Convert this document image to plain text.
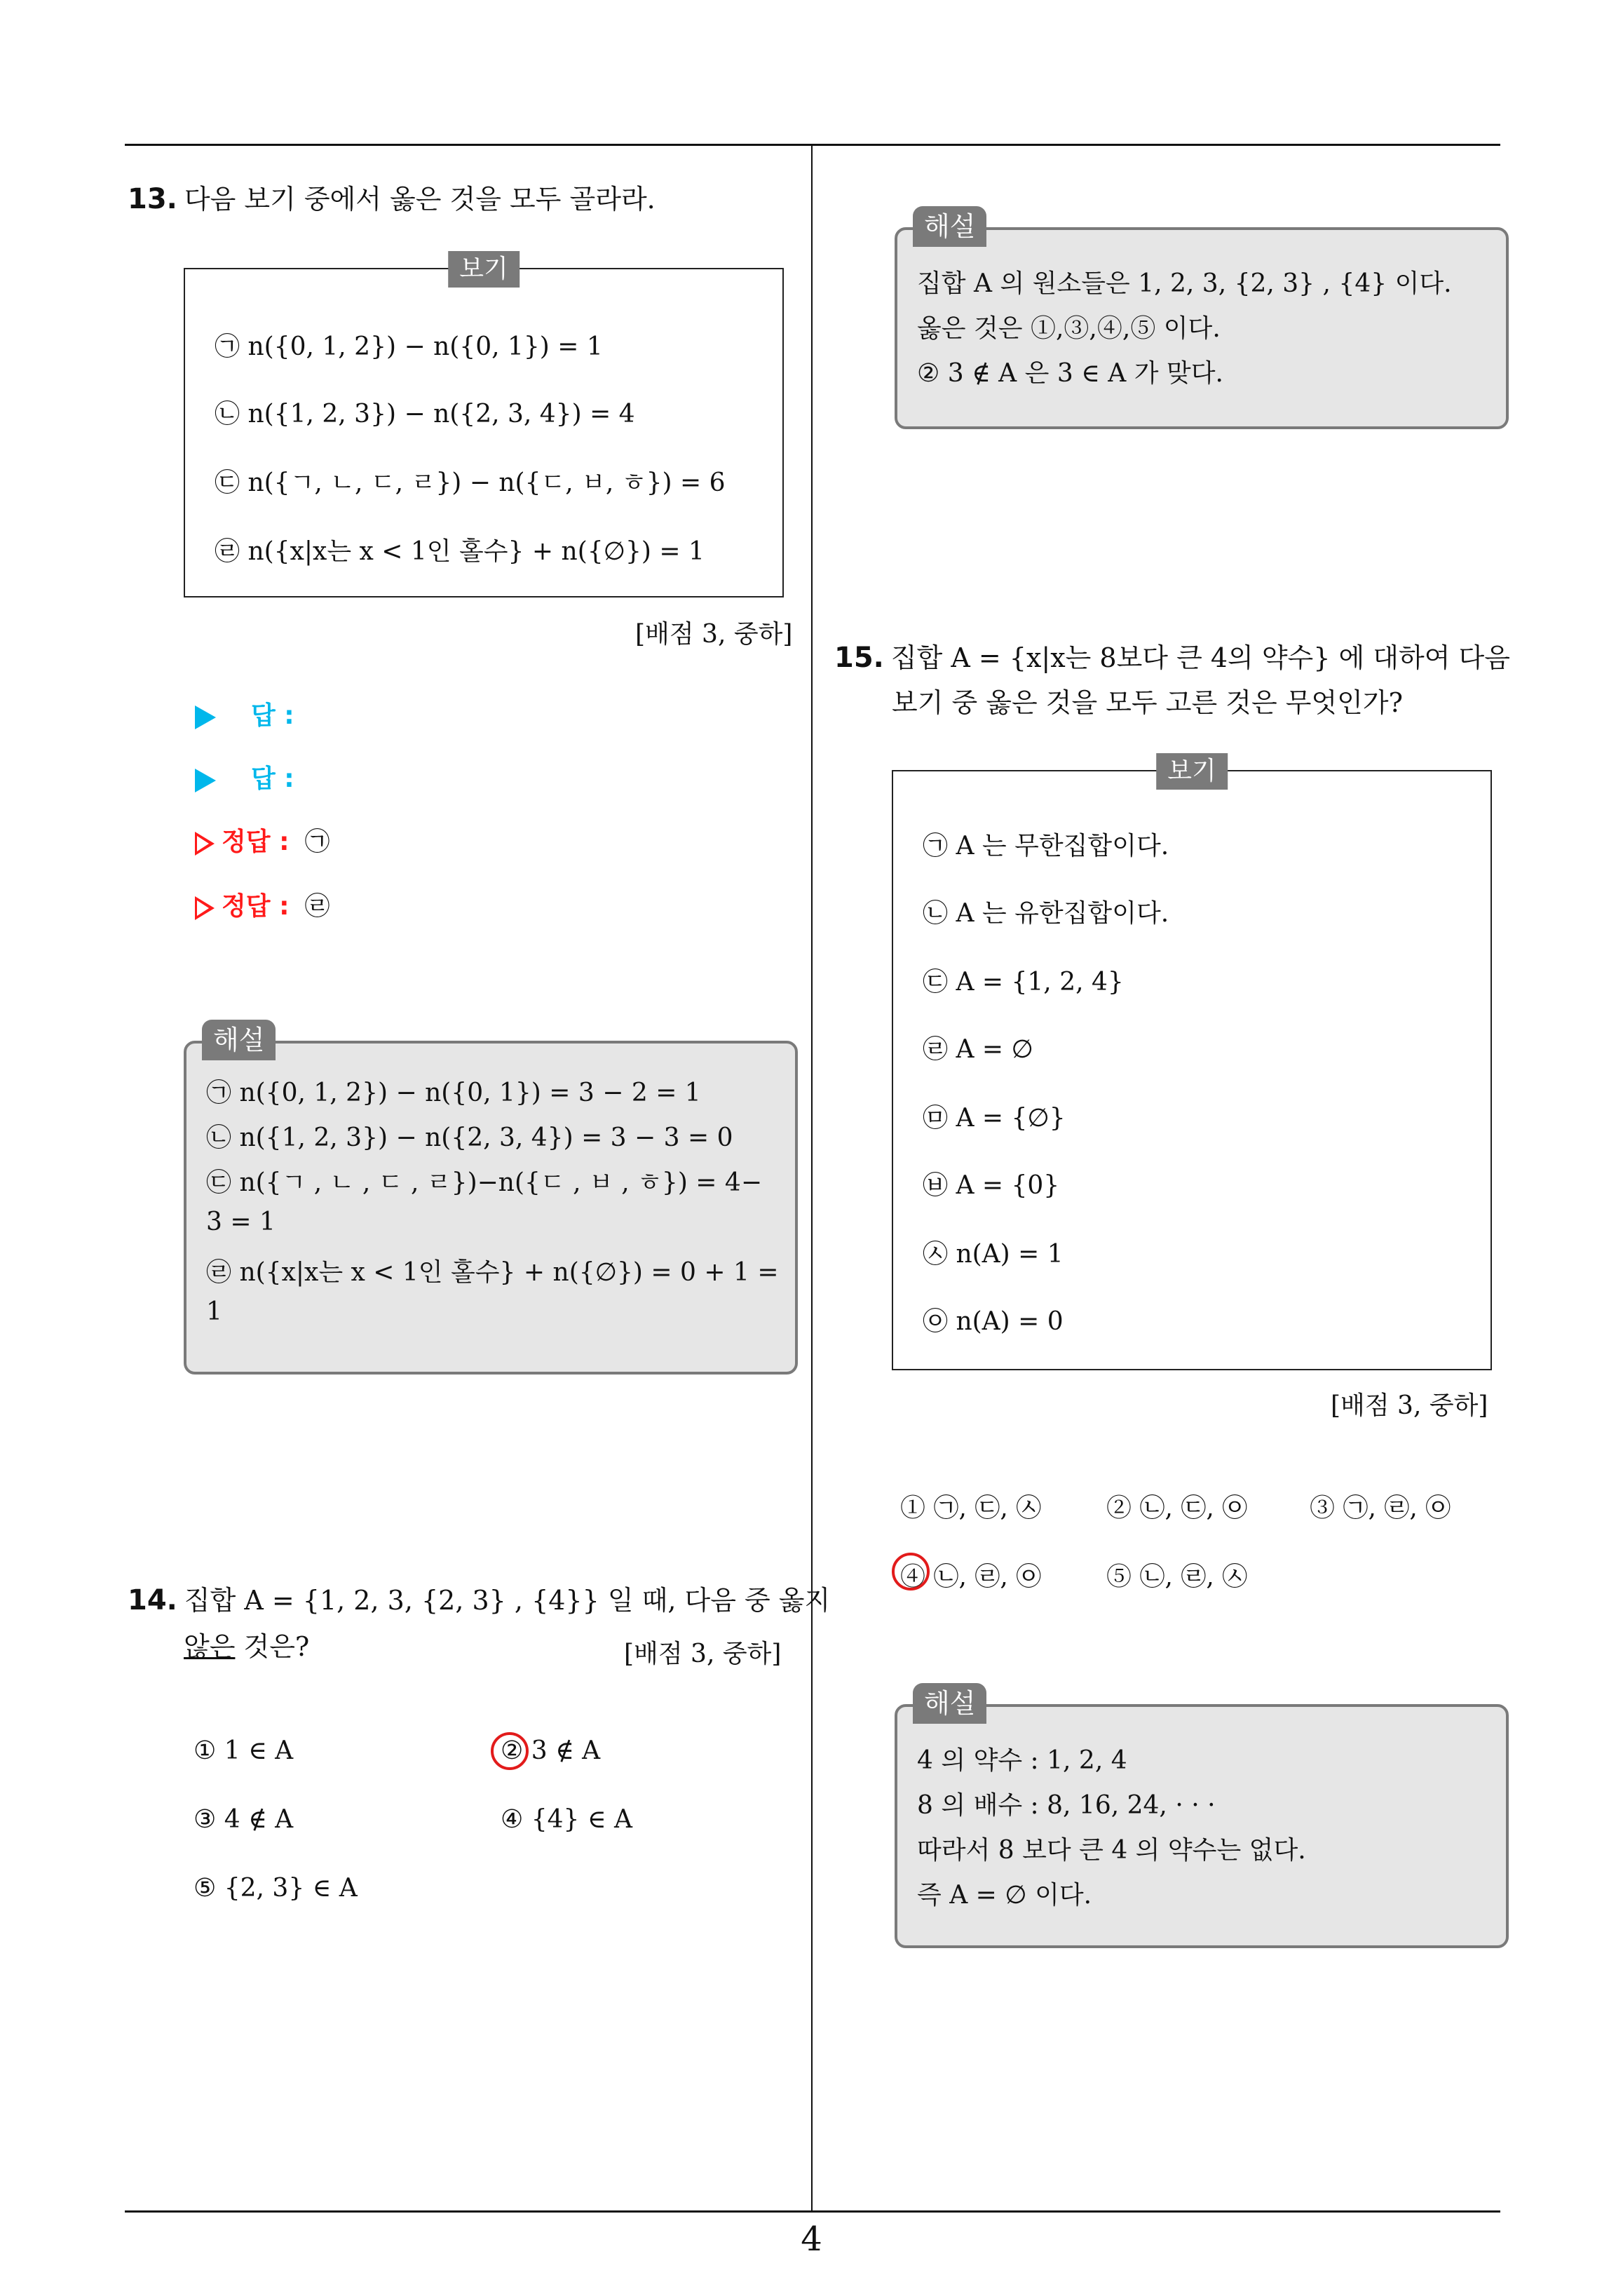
13. 다음 보기 중에서 옳은 것을 모두 골라라.
보기
㉠ n({0, 1, 2}) − n({0, 1}) = 1
㉡ n({1, 2, 3}) − n({2, 3, 4}) = 4
㉢ n({ㄱ, ㄴ, ㄷ, ㄹ}) − n({ㄷ, ㅂ, ㅎ}) = 6
㉣ n({x|x는 x < 1인 홀수} + n({∅}) = 1
[배점 3, 중하]
답 :
답 :
정답 : ㉠
정답 : ㉣
해설
㉠ n({0, 1, 2}) − n({0, 1}) = 3 − 2 = 1
㉡ n({1, 2, 3}) − n({2, 3, 4}) = 3 − 3 = 0
㉢ n({ㄱ , ㄴ , ㄷ , ㄹ})−n({ㄷ , ㅂ , ㅎ}) = 4−
3 = 1
㉣ n({x|x는 x < 1인 홀수} + n({∅}) = 0 + 1 =
1
14. 집합 A = {1, 2, 3, {2, 3} , {4}} 일 때, 다음 중 옳지
않은 것은?	[배점 3, 중하]
① 1 ∈ A	② 3 ∉ A
③ 4 ∉ A	④ {4} ∈ A
⑤ {2, 3} ∈ A
해설
집합 A 의 원소들은 1, 2, 3, {2, 3} , {4} 이다.
옳은 것은 ①,③,④,⑤ 이다.
② 3 ∉ A 은 3 ∈ A 가 맞다.
15. 집합 A = {x|x는 8보다 큰 4의 약수} 에 대하여 다음
보기 중 옳은 것을 모두 고른 것은 무엇인가?
보기
㉠ A 는 무한집합이다.
㉡ A 는 유한집합이다.
㉢ A = {1, 2, 4}
㉣ A = ∅
㉤ A = {∅}
㉥ A = {0}
㉦ n(A) = 1
㉧ n(A) = 0
[배점 3, 중하]
① ㉠, ㉢, ㉦	② ㉡, ㉢, ㉧ ③ ㉠, ㉣, ㉧
④ ㉡, ㉣, ㉧	⑤ ㉡, ㉣, ㉦
해설
4 의 약수 : 1, 2, 4
8 의 배수 : 8, 16, 24, · · ·
따라서 8 보다 큰 4 의 약수는 없다.
즉 A = ∅ 이다.
4
